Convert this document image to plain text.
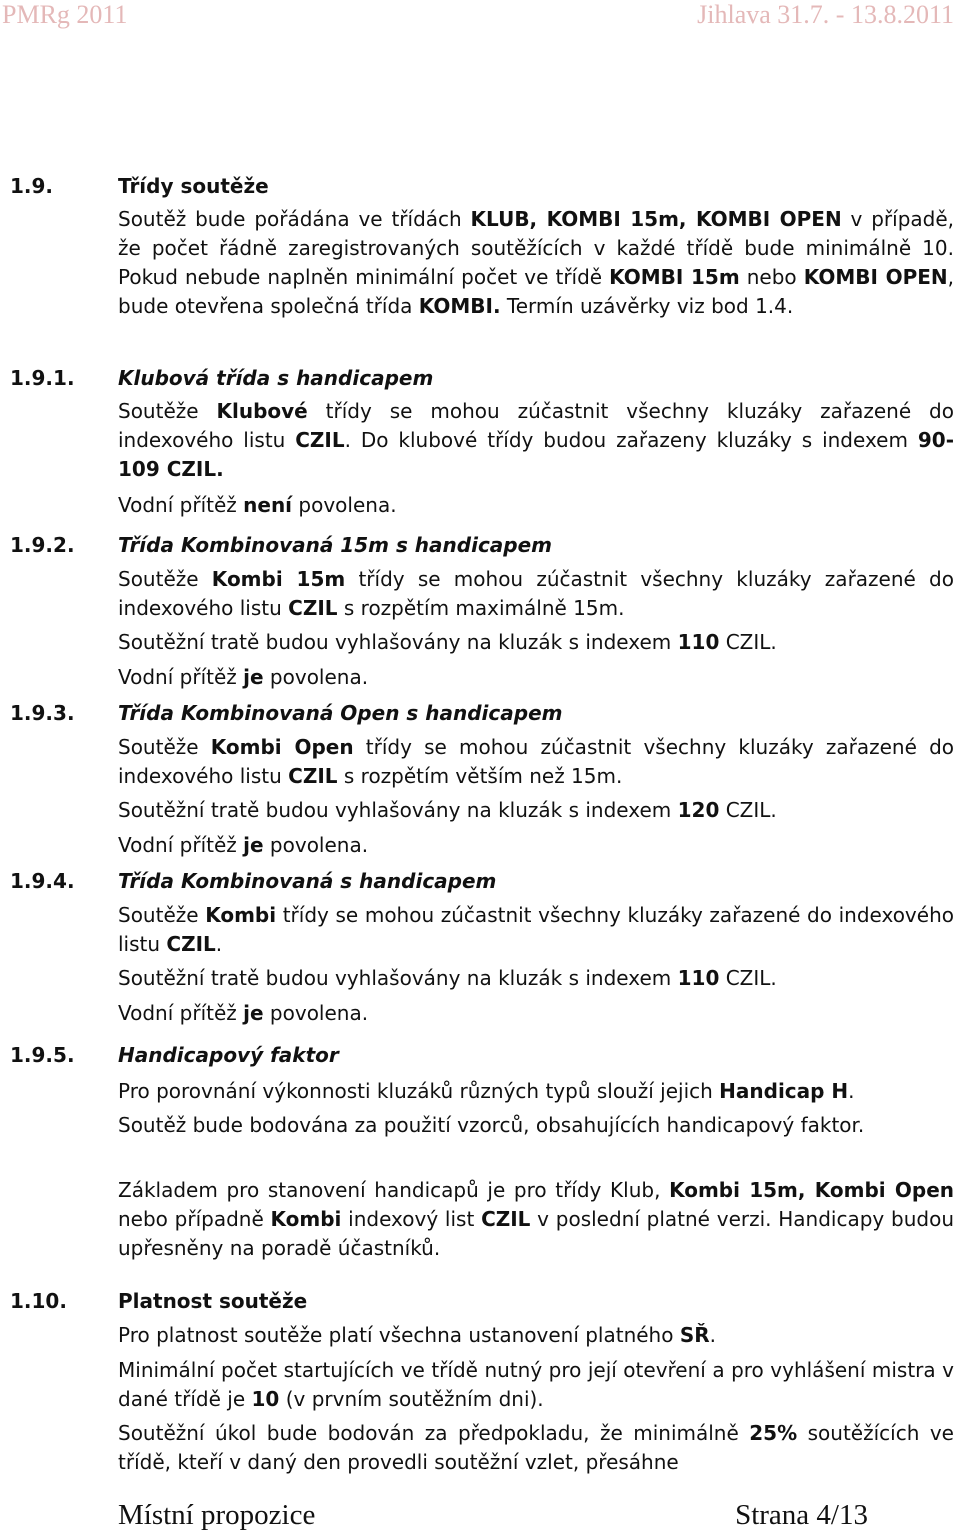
PMRg 2011	Jihlava 31.7. - 13.8.2011
1.9.	Třídy soutěže
Soutěž bude pořádána ve třídách KLUB, KOMBI 15m, KOMBI OPEN v případě, že počet řádně zaregistrovaných soutěžících v každé třídě bude minimálně 10. Pokud nebude naplněn minimální počet ve třídě KOMBI 15m nebo KOMBI OPEN, bude otevřena společná třída KOMBI. Termín uzávěrky viz bod 1.4.
1.9.1. Klubová třída s handicapem
Soutěže Klubové třídy se mohou zúčastnit všechny kluzáky zařazené do indexového listu CZIL. Do klubové třídy budou zařazeny kluzáky s indexem 90-109 CZIL.
Vodní přítěž není povolena.
1.9.2. Třída Kombinovaná 15m s handicapem
Soutěže Kombi 15m třídy se mohou zúčastnit všechny kluzáky zařazené do indexového listu CZIL s rozpětím maximálně 15m.
Soutěžní tratě budou vyhlašovány na kluzák s indexem 110 CZIL.
Vodní přítěž je povolena.
1.9.3. Třída Kombinovaná Open s handicapem
Soutěže Kombi Open třídy se mohou zúčastnit všechny kluzáky zařazené do indexového listu CZIL s rozpětím větším než 15m.
Soutěžní tratě budou vyhlašovány na kluzák s indexem 120 CZIL.
Vodní přítěž je povolena.
1.9.4. Třída Kombinovaná s handicapem
Soutěže Kombi třídy se mohou zúčastnit všechny kluzáky zařazené do indexového listu CZIL.
Soutěžní tratě budou vyhlašovány na kluzák s indexem 110 CZIL.
Vodní přítěž je povolena.
1.9.5. Handicapový faktor
Pro porovnání výkonnosti kluzáků různých typů slouží jejich Handicap H.
Soutěž bude bodována za použití vzorců, obsahujících handicapový faktor.
Základem pro stanovení handicapů je pro třídy Klub, Kombi 15m, Kombi Open nebo případně Kombi indexový list CZIL v poslední platné verzi. Handicapy budou upřesněny na poradě účastníků.
1.10.	Platnost soutěže
Pro platnost soutěže platí všechna ustanovení platného SŘ.
Minimální počet startujících ve třídě nutný pro její otevření a pro vyhlášení mistra v dané třídě je 10 (v prvním soutěžním dni).
Soutěžní úkol bude bodován za předpokladu, že minimálně 25% soutěžících ve třídě, kteří v daný den provedli soutěžní vzlet, přesáhne
Místní propozice	Strana 4/13
